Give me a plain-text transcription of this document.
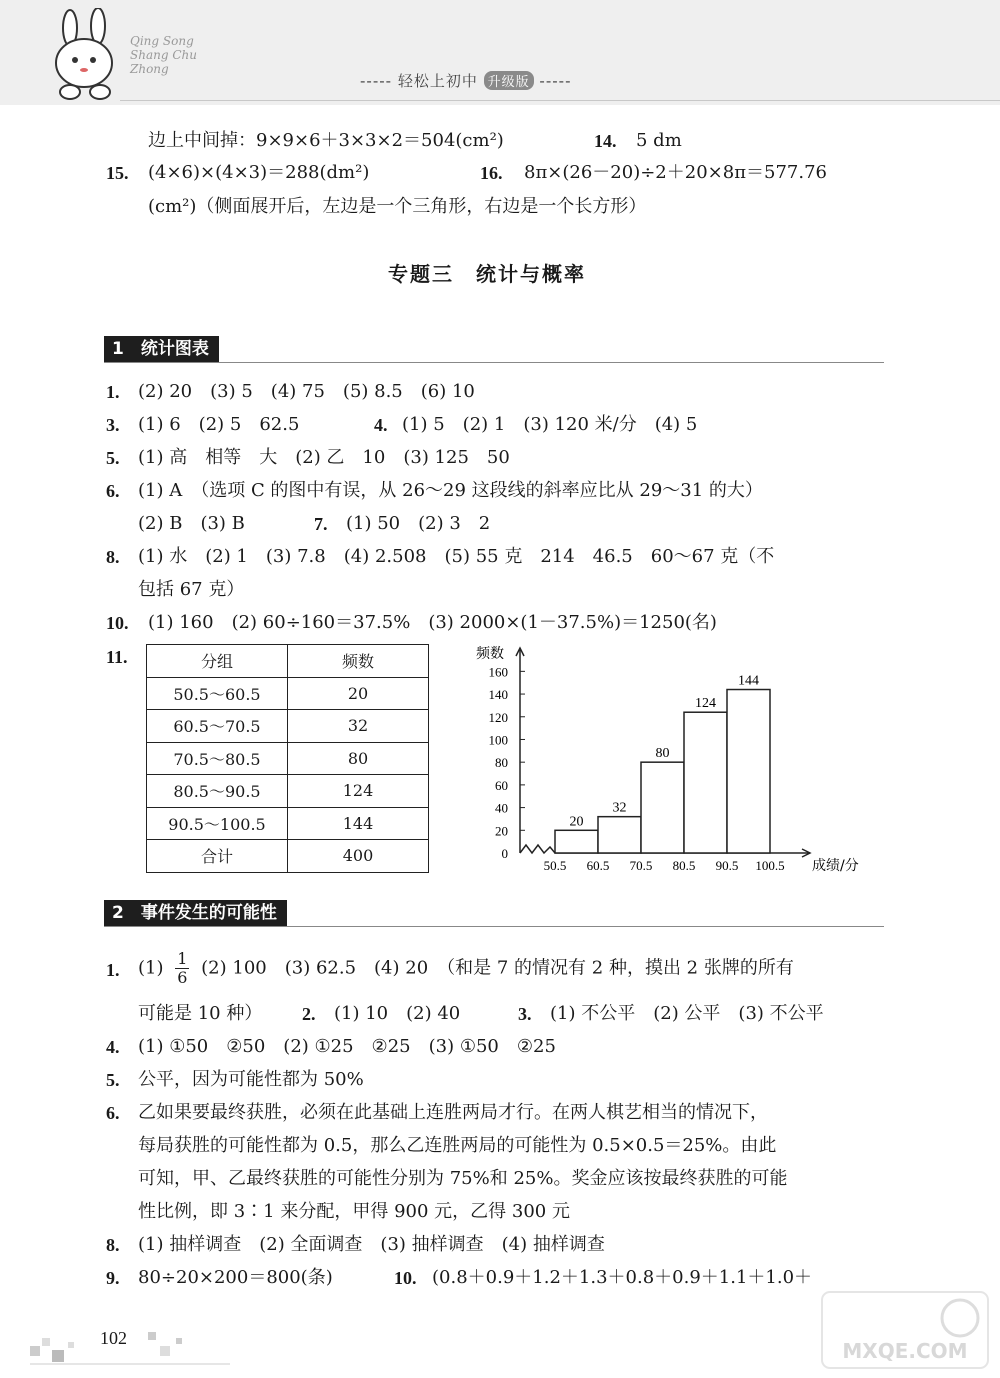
Qing Song Shang Chu Zhong
----- 轻松上初中 升级版 -----
边上中间掉：9×9×6＋3×3×2＝504(cm²)	14. 5 dm
15. (4×6)×(4×3)＝288(dm²)	16. 8π×(26－20)÷2＋20×8π＝577.76
(cm²)（侧面展开后，左边是一个三角形，右边是一个长方形）
专题三　统计与概率
1　统计图表
1. (2) 20　(3) 5　(4) 75　(5) 8.5　(6) 10
3. (1) 6　(2) 5　62.5	4. (1) 5　(2) 1　(3) 120 米/分　(4) 5
5. (1) 高　相等　大　(2) 乙　10　(3) 125　50
6. (1) A　（选项 C 的图中有误，从 26～29 这段线的斜率应比从 29～31 的大）
(2) B　(3) B	7. (1) 50　(2) 3　2
8. (1) 水　(2) 1　(3) 7.8　(4) 2.508　(5) 55 克　214　46.5　60～67 克（不
包括 67 克）
10. (1) 160　(2) 60÷160＝37.5%　(3) 2000×(1－37.5%)＝1250(名)
11.	分组	频数
50.5～60.5	20
60.5～70.5	32
70.5～80.5	80
80.5～90.5	124
90.5～100.5	144
合计	400	0
20
40
60
80
100
120
140
160
频数
20
32
80
124
144
50.5 60.5 70.5 80.5 90.5 100.5 成绩/分
2　事件发生的可能性
1. $(1) \frac{1}{6} (2)$ 100　(3) 62.5　(4) 20　（和是 7 的情况有 2 种，摸出 2 张牌的所有
可能是 10 种） 2. (1) 10　(2) 40	3. (1) 不公平　(2) 公平　(3) 不公平
4. (1) ①50　②50　(2) ①25　②25　(3) ①50　②25
5. 公平，因为可能性都为 50%
6. 乙如果要最终获胜，必须在此基础上连胜两局才行。在两人棋艺相当的情况下，
每局获胜的可能性都为 0.5，那么乙连胜两局的可能性为 0.5×0.5＝25%。由此
可知，甲、乙最终获胜的可能性分别为 75%和 25%。奖金应该按最终获胜的可能
性比例，即 3∶1 来分配，甲得 900 元，乙得 300 元
8. (1) 抽样调查　(2) 全面调查　(3) 抽样调查　(4) 抽样调查
9. 80÷20×200＝800(条)	10. (0.8＋0.9＋1.2＋1.3＋0.8＋0.9＋1.1＋1.0＋
102
MXQE.COM
